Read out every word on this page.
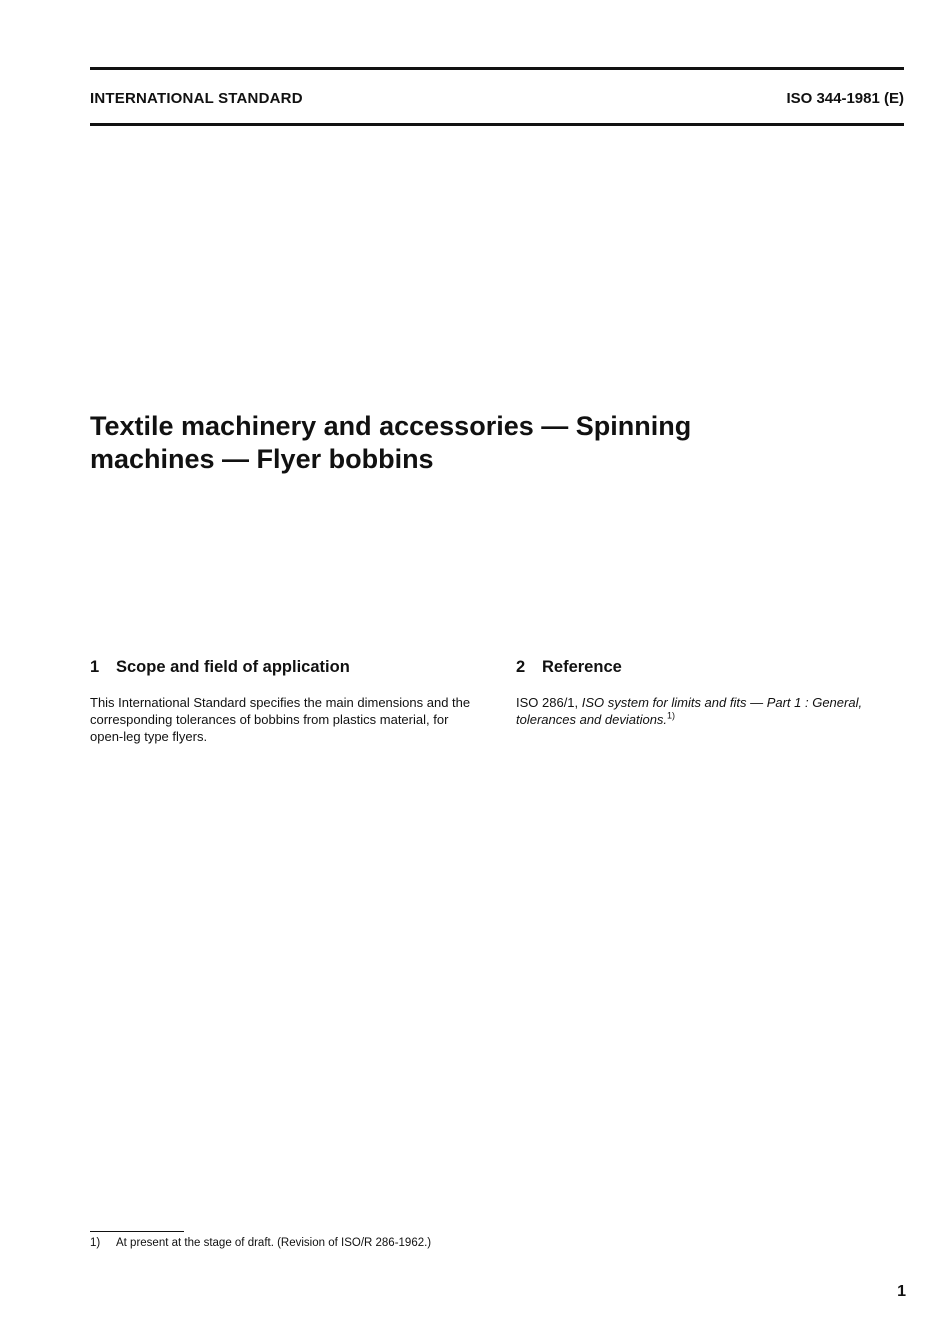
INTERNATIONAL STANDARD	ISO 344-1981 (E)
Textile machinery and accessories — Spinning
machines — Flyer bobbins
1 Scope and field of application

This International Standard specifies the main dimensions and the corresponding tolerances of bobbins from plastics material, for open-leg type flyers.

2 Reference

ISO 286/1, ISO system for limits and fits — Part 1 : General, tolerances and deviations.$^{1)}$

1) At present at the stage of draft. (Revision of ISO/R 286-1962.)
1
